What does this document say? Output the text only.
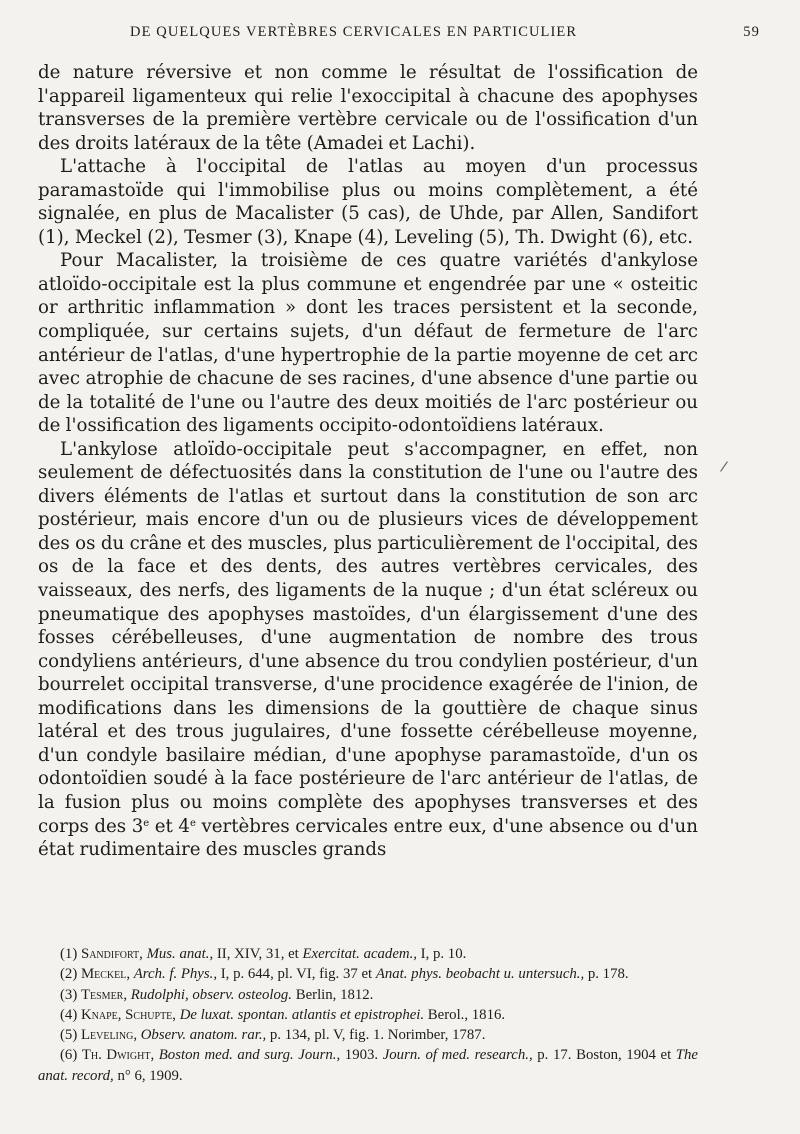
DE QUELQUES VERTÈBRES CERVICALES EN PARTICULIER	59

de nature réversive et non comme le résultat de l'ossification de l'appareil ligamenteux qui relie l'exoccipital à chacune des apophyses transverses de la première vertèbre cervicale ou de l'ossification d'un des droits latéraux de la tête (Amadei et Lachi).

L'attache à l'occipital de l'atlas au moyen d'un processus paramastoïde qui l'immobilise plus ou moins complètement, a été signalée, en plus de Macalister (5 cas), de Uhde, par Allen, Sandifort (1), Meckel (2), Tesmer (3), Knape (4), Leveling (5), Th. Dwight (6), etc.

Pour Macalister, la troisième de ces quatre variétés d'ankylose atloïdo-occipitale est la plus commune et engendrée par une « osteitic or arthritic inflammation » dont les traces persistent et la seconde, compliquée, sur certains sujets, d'un défaut de fermeture de l'arc antérieur de l'atlas, d'une hypertrophie de la partie moyenne de cet arc avec atrophie de chacune de ses racines, d'une absence d'une partie ou de la totalité de l'une ou l'autre des deux moitiés de l'arc postérieur ou de l'ossification des ligaments occipito-odontoïdiens latéraux.

L'ankylose atloïdo-occipitale peut s'accompagner, en effet, non seulement de défectuosités dans la constitution de l'une ou l'autre des divers éléments de l'atlas et surtout dans la constitution de son arc postérieur, mais encore d'un ou de plusieurs vices de développement des os du crâne et des muscles, plus particulièrement de l'occipital, des os de la face et des dents, des autres vertèbres cervicales, des vaisseaux, des nerfs, des ligaments de la nuque ; d'un état scléreux ou pneumatique des apophyses mastoïdes, d'un élargissement d'une des fosses cérébelleuses, d'une augmentation de nombre des trous condyliens antérieurs, d'une absence du trou condylien postérieur, d'un bourrelet occipital transverse, d'une procidence exagérée de l'inion, de modifications dans les dimensions de la gouttière de chaque sinus latéral et des trous jugulaires, d'une fossette cérébelleuse moyenne, d'un condyle basilaire médian, d'une apophyse paramastoïde, d'un os odontoïdien soudé à la face postérieure de l'arc antérieur de l'atlas, de la fusion plus ou moins complète des apophyses transverses et des corps des 3e et 4e vertèbres cervicales entre eux, d'une absence ou d'un état rudimentaire des muscles grands

(1) Sandifort, Mus. anat., II, XIV, 31, et Exercitat. academ., I, p. 10.

(2) Meckel, Arch. f. Phys., I, p. 644, pl. VI, fig. 37 et Anat. phys. beobacht u. untersuch., p. 178.

(3) Tesmer, Rudolphi, observ. osteolog. Berlin, 1812.

(4) Knape, Schupte, De luxat. spontan. atlantis et epistrophei. Berol., 1816.

(5) Leveling, Observ. anatom. rar., p. 134, pl. V, fig. 1. Norimber, 1787.

(6) Th. Dwight, Boston med. and surg. Journ., 1903. Journ. of med. research., p. 17. Boston, 1904 et The anat. record, n° 6, 1909.
